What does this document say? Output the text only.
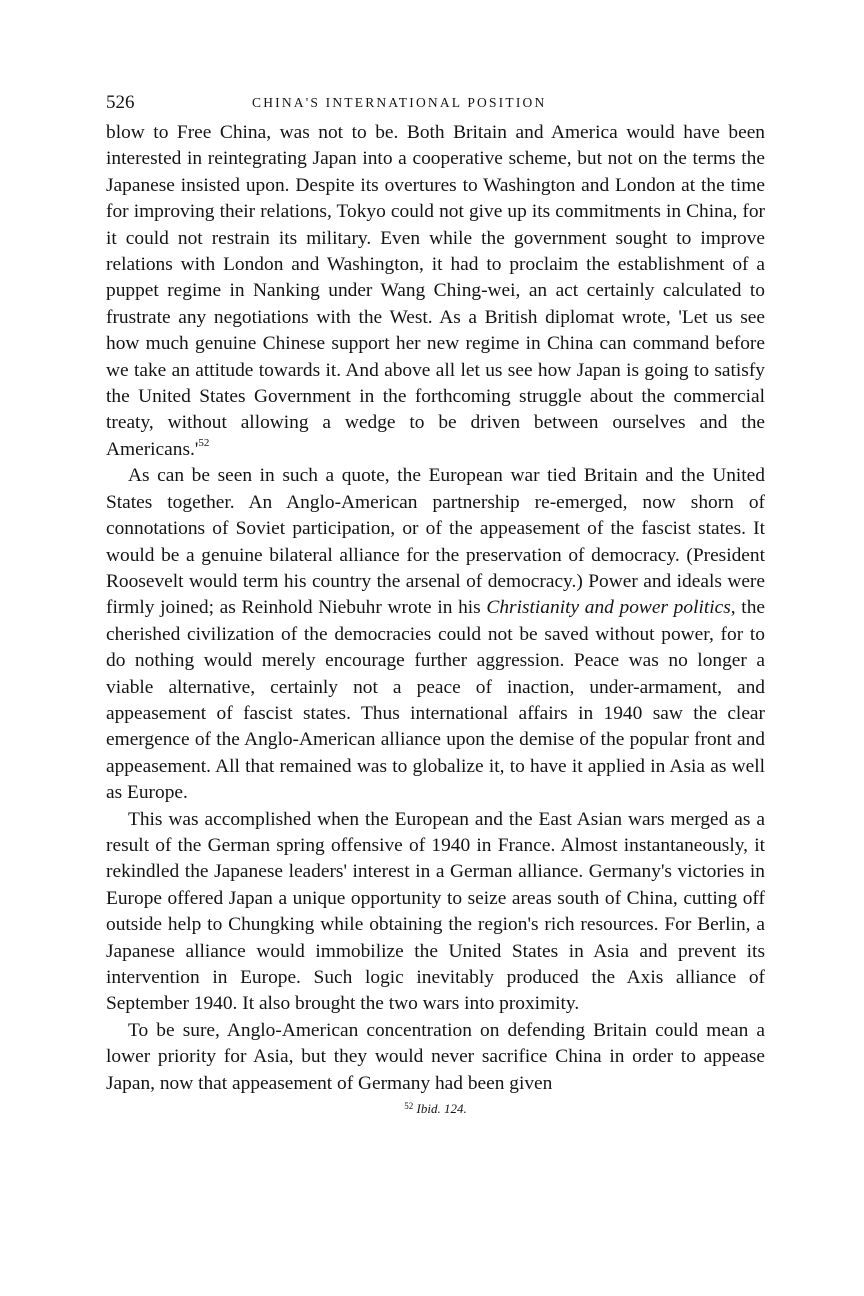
526	CHINA'S INTERNATIONAL POSITION

blow to Free China, was not to be. Both Britain and America would have been interested in reintegrating Japan into a cooperative scheme, but not on the terms the Japanese insisted upon. Despite its overtures to Washington and London at the time for improving their relations, Tokyo could not give up its commitments in China, for it could not restrain its military. Even while the government sought to improve relations with London and Washington, it had to proclaim the establishment of a puppet regime in Nanking under Wang Ching-wei, an act certainly calculated to frustrate any negotiations with the West. As a British diplomat wrote, 'Let us see how much genuine Chinese support her new regime in China can command before we take an attitude towards it. And above all let us see how Japan is going to satisfy the United States Government in the forthcoming struggle about the commercial treaty, without allowing a wedge to be driven between ourselves and the $Americans.'^{52}$

As can be seen in such a quote, the European war tied Britain and the United States together. An Anglo-American partnership re-emerged, now shorn of connotations of Soviet participation, or of the appeasement of the fascist states. It would be a genuine bilateral alliance for the preservation of democracy. (President Roosevelt would term his country the arsenal of democracy.) Power and ideals were firmly joined; as Reinhold Niebuhr wrote in his Christianity and power politics, the cherished civilization of the democracies could not be saved without power, for to do nothing would merely encourage further aggression. Peace was no longer a viable alternative, certainly not a peace of inaction, under-armament, and appeasement of fascist states. Thus international affairs in 1940 saw the clear emergence of the Anglo-American alliance upon the demise of the popular front and appeasement. All that remained was to globalize it, to have it applied in Asia as well as Europe.

This was accomplished when the European and the East Asian wars merged as a result of the German spring offensive of 1940 in France. Almost instantaneously, it rekindled the Japanese leaders' interest in a German alliance. Germany's victories in Europe offered Japan a unique opportunity to seize areas south of China, cutting off outside help to Chungking while obtaining the region's rich resources. For Berlin, a Japanese alliance would immobilize the United States in Asia and prevent its intervention in Europe. Such logic inevitably produced the Axis alliance of September 1940. It also brought the two wars into proximity.

To be sure, Anglo-American concentration on defending Britain could mean a lower priority for Asia, but they would never sacrifice China in order to appease Japan, now that appeasement of Germany had been given

$^{52}$ Ibid. 124.
